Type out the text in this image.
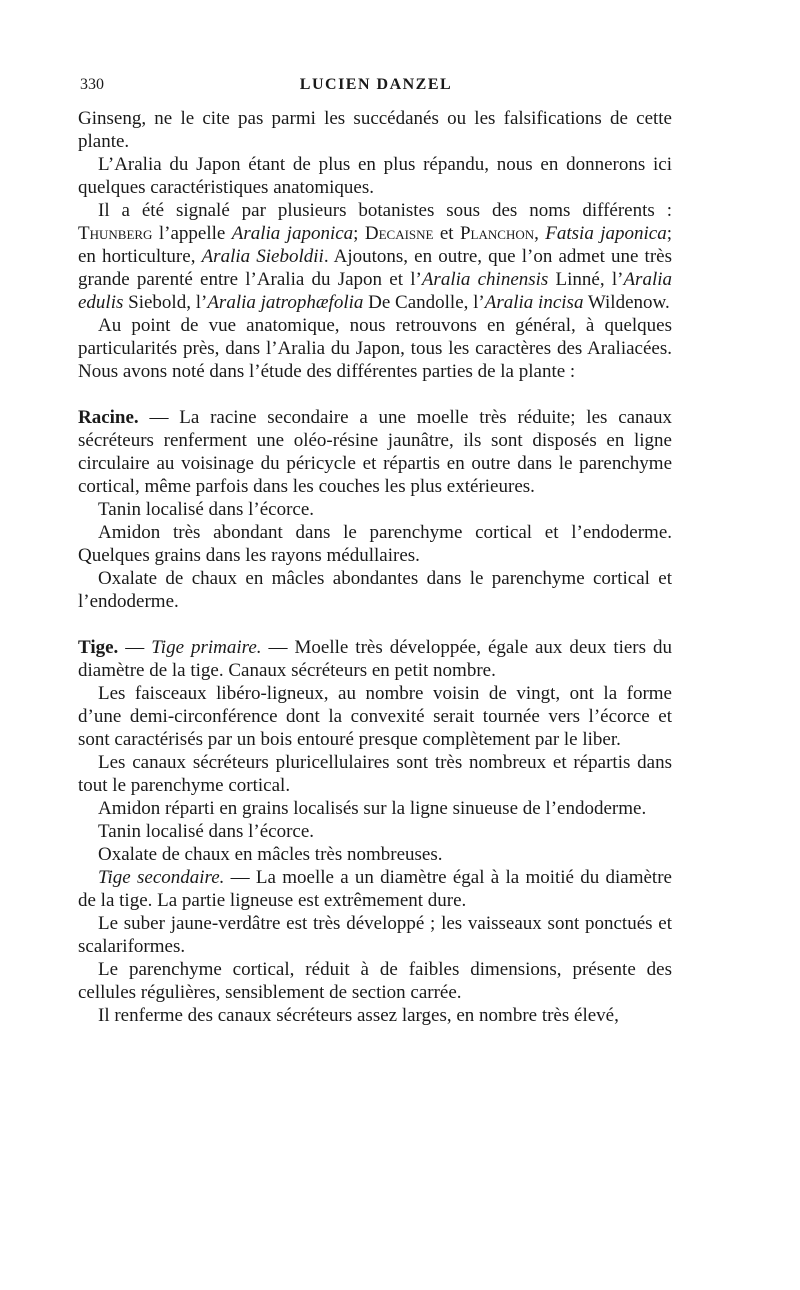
330	LUCIEN DANZEL

Ginseng, ne le cite pas parmi les succédanés ou les falsifications de cette plante.

L’Aralia du Japon étant de plus en plus répandu, nous en donnerons ici quelques caractéristiques anatomiques.

Il a été signalé par plusieurs botanistes sous des noms différents : Thunberg l’appelle Aralia japonica; Decaisne et Planchon, Fatsia japonica; en horticulture, Aralia Sieboldii. Ajoutons, en outre, que l’on admet une très grande parenté entre l’Aralia du Japon et l’Aralia chinensis Linné, l’Aralia edulis Siebold, l’Aralia jatrophæfolia De Candolle, l’Aralia incisa Wildenow.

Au point de vue anatomique, nous retrouvons en général, à quelques particularités près, dans l’Aralia du Japon, tous les caractères des Araliacées. Nous avons noté dans l’étude des différentes parties de la plante :

Racine. — La racine secondaire a une moelle très réduite; les canaux sécréteurs renferment une oléo-résine jaunâtre, ils sont disposés en ligne circulaire au voisinage du péricycle et répartis en outre dans le parenchyme cortical, même parfois dans les couches les plus extérieures.

Tanin localisé dans l’écorce.

Amidon très abondant dans le parenchyme cortical et l’endoderme. Quelques grains dans les rayons médullaires.

Oxalate de chaux en mâcles abondantes dans le parenchyme cortical et l’endoderme.

Tige. — Tige primaire. — Moelle très développée, égale aux deux tiers du diamètre de la tige. Canaux sécréteurs en petit nombre.

Les faisceaux libéro-ligneux, au nombre voisin de vingt, ont la forme d’une demi-circonférence dont la convexité serait tournée vers l’écorce et sont caractérisés par un bois entouré presque complètement par le liber.

Les canaux sécréteurs pluricellulaires sont très nombreux et répartis dans tout le parenchyme cortical.

Amidon réparti en grains localisés sur la ligne sinueuse de l’endoderme.

Tanin localisé dans l’écorce.

Oxalate de chaux en mâcles très nombreuses.

Tige secondaire. — La moelle a un diamètre égal à la moitié du diamètre de la tige. La partie ligneuse est extrêmement dure.

Le suber jaune-verdâtre est très développé ; les vaisseaux sont ponctués et scalariformes.

Le parenchyme cortical, réduit à de faibles dimensions, présente des cellules régulières, sensiblement de section carrée.

Il renferme des canaux sécréteurs assez larges, en nombre très élevé,
